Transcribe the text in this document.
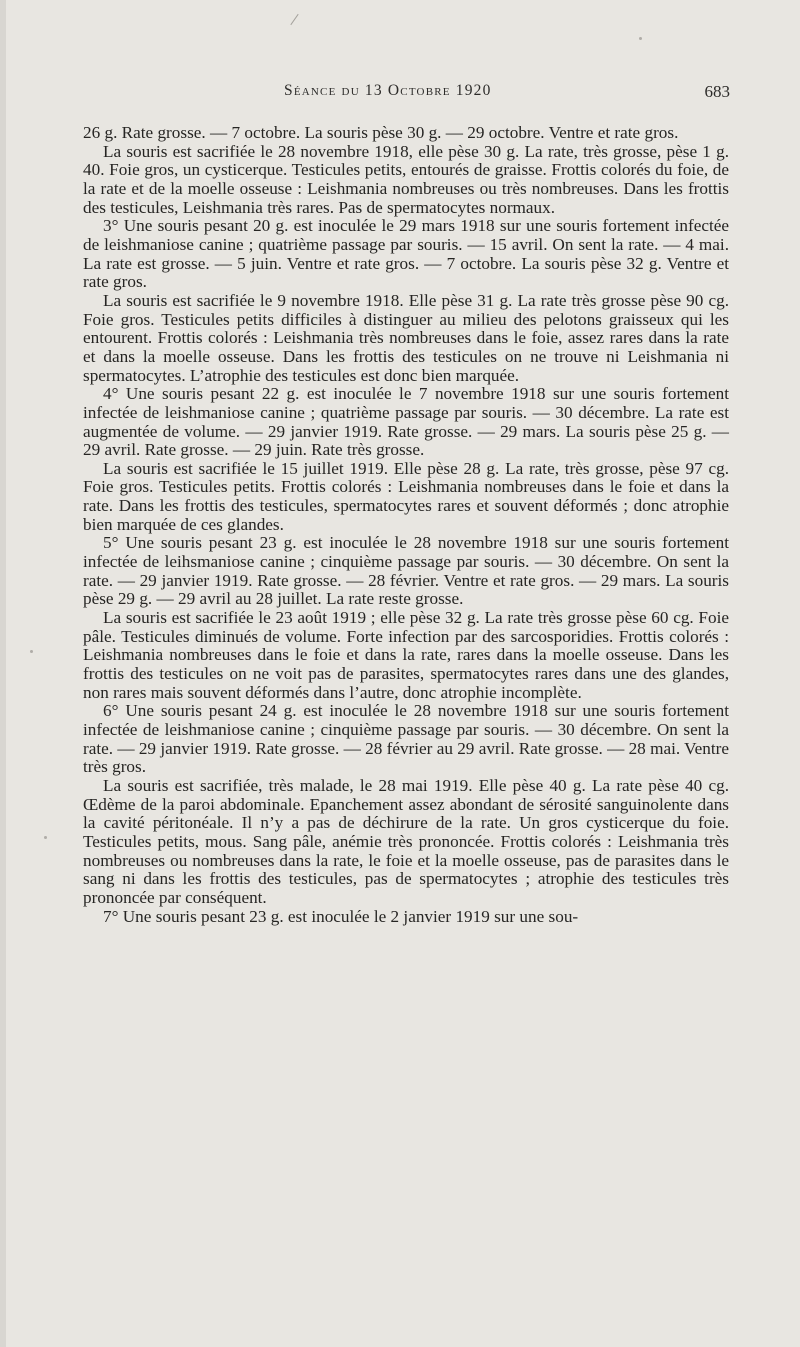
Séance du 13 Octobre 1920	683

26 g. Rate grosse. — 7 octobre. La souris pèse 30 g. — 29 octobre. Ventre et rate gros.

La souris est sacrifiée le 28 novembre 1918, elle pèse 30 g. La rate, très grosse, pèse 1 g. 40. Foie gros, un cysticerque. Testicules petits, entourés de graisse. Frottis colorés du foie, de la rate et de la moelle osseuse : Leishmania nombreuses ou très nombreuses. Dans les frottis des testicules, Leishmania très rares. Pas de spermatocytes normaux.

3° Une souris pesant 20 g. est inoculée le 29 mars 1918 sur une souris fortement infectée de leishmaniose canine ; quatrième passage par souris. — 15 avril. On sent la rate. — 4 mai. La rate est grosse. — 5 juin. Ventre et rate gros. — 7 octobre. La souris pèse 32 g. Ventre et rate gros.

La souris est sacrifiée le 9 novembre 1918. Elle pèse 31 g. La rate très grosse pèse 90 cg. Foie gros. Testicules petits difficiles à distinguer au milieu des pelotons graisseux qui les entourent. Frottis colorés : Leishmania très nombreuses dans le foie, assez rares dans la rate et dans la moelle osseuse. Dans les frottis des testicules on ne trouve ni Leishmania ni spermatocytes. L’atrophie des testicules est donc bien marquée.

4° Une souris pesant 22 g. est inoculée le 7 novembre 1918 sur une souris fortement infectée de leishmaniose canine ; quatrième passage par souris. — 30 décembre. La rate est augmentée de volume. — 29 janvier 1919. Rate grosse. — 29 mars. La souris pèse 25 g. — 29 avril. Rate grosse. — 29 juin. Rate très grosse.

La souris est sacrifiée le 15 juillet 1919. Elle pèse 28 g. La rate, très grosse, pèse 97 cg. Foie gros. Testicules petits. Frottis colorés : Leishmania nombreuses dans le foie et dans la rate. Dans les frottis des testicules, spermatocytes rares et souvent déformés ; donc atrophie bien marquée de ces glandes.

5° Une souris pesant 23 g. est inoculée le 28 novembre 1918 sur une souris fortement infectée de leihsmaniose canine ; cinquième passage par souris. — 30 décembre. On sent la rate. — 29 janvier 1919. Rate grosse. — 28 février. Ventre et rate gros. — 29 mars. La souris pèse 29 g. — 29 avril au 28 juillet. La rate reste grosse.

La souris est sacrifiée le 23 août 1919 ; elle pèse 32 g. La rate très grosse pèse 60 cg. Foie pâle. Testicules diminués de volume. Forte infection par des sarcosporidies. Frottis colorés : Leishmania nombreuses dans le foie et dans la rate, rares dans la moelle osseuse. Dans les frottis des testicules on ne voit pas de parasites, spermatocytes rares dans une des glandes, non rares mais souvent déformés dans l’autre, donc atrophie incomplète.

6° Une souris pesant 24 g. est inoculée le 28 novembre 1918 sur une souris fortement infectée de leishmaniose canine ; cinquième passage par souris. — 30 décembre. On sent la rate. — 29 janvier 1919. Rate grosse. — 28 février au 29 avril. Rate grosse. — 28 mai. Ventre très gros.

La souris est sacrifiée, très malade, le 28 mai 1919. Elle pèse 40 g. La rate pèse 40 cg. Œdème de la paroi abdominale. Epanchement assez abondant de sérosité sanguinolente dans la cavité péritonéale. Il n’y a pas de déchirure de la rate. Un gros cysticerque du foie. Testicules petits, mous. Sang pâle, anémie très prononcée. Frottis colorés : Leishmania très nombreuses ou nombreuses dans la rate, le foie et la moelle osseuse, pas de parasites dans le sang ni dans les frottis des testicules, pas de spermatocytes ; atrophie des testicules très prononcée par conséquent.

7° Une souris pesant 23 g. est inoculée le 2 janvier 1919 sur une sou-
